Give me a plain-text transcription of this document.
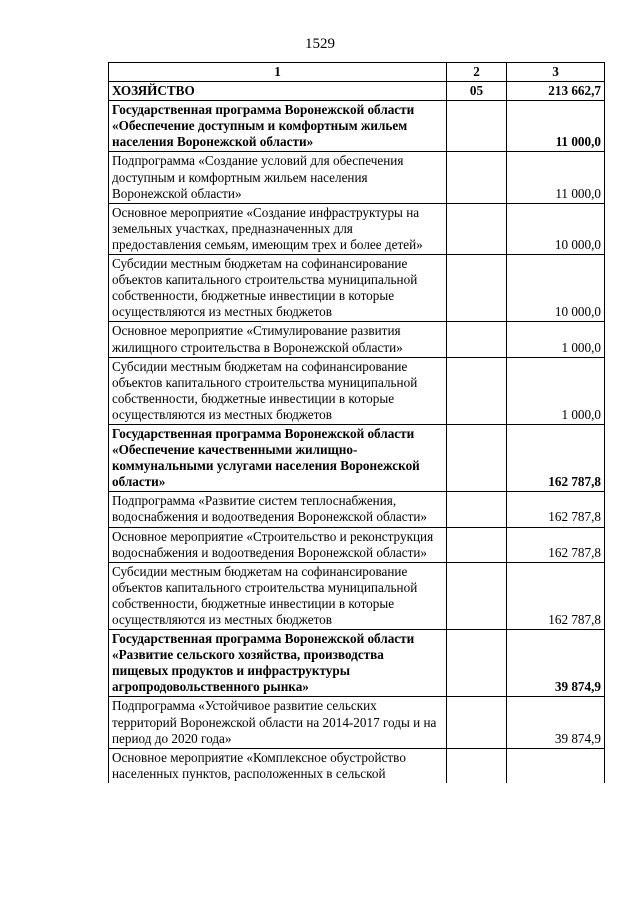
1529
1	2	3
ХОЗЯЙСТВО	05	213 662,7
Государственная программа Воронежской области «Обеспечение доступным и комфортным жильем населения Воронежской области»		11 000,0
Подпрограмма «Создание условий для обеспечения доступным и комфортным жильем населения Воронежской области»		11 000,0
Основное мероприятие «Создание инфраструктуры на земельных участках, предназначенных для предоставления семьям, имеющим трех и более детей»		10 000,0
Субсидии местным бюджетам на софинансирование объектов капитального строительства муниципальной собственности, бюджетные инвестиции в которые осуществляются из местных бюджетов		10 000,0
Основное мероприятие «Стимулирование развития жилищного строительства в Воронежской области»		1 000,0
Субсидии местным бюджетам на софинансирование объектов капитального строительства муниципальной собственности, бюджетные инвестиции в которые осуществляются из местных бюджетов		1 000,0
Государственная программа Воронежской области «Обеспечение качественными жилищно-коммунальными услугами населения Воронежской области»		162 787,8
Подпрограмма «Развитие систем теплоснабжения, водоснабжения и водоотведения Воронежской области»		162 787,8
Основное мероприятие «Строительство и реконструкция водоснабжения и водоотведения Воронежской области»		162 787,8
Субсидии местным бюджетам на софинансирование объектов капитального строительства муниципальной собственности, бюджетные инвестиции в которые осуществляются из местных бюджетов		162 787,8
Государственная программа Воронежской области «Развитие сельского хозяйства, производства пищевых продуктов и инфраструктуры агропродовольственного рынка»		39 874,9
Подпрограмма «Устойчивое развитие сельских территорий Воронежской области на 2014-2017 годы и на период до 2020 года»		39 874,9
Основное мероприятие «Комплексное обустройство населенных пунктов, расположенных в сельской		
